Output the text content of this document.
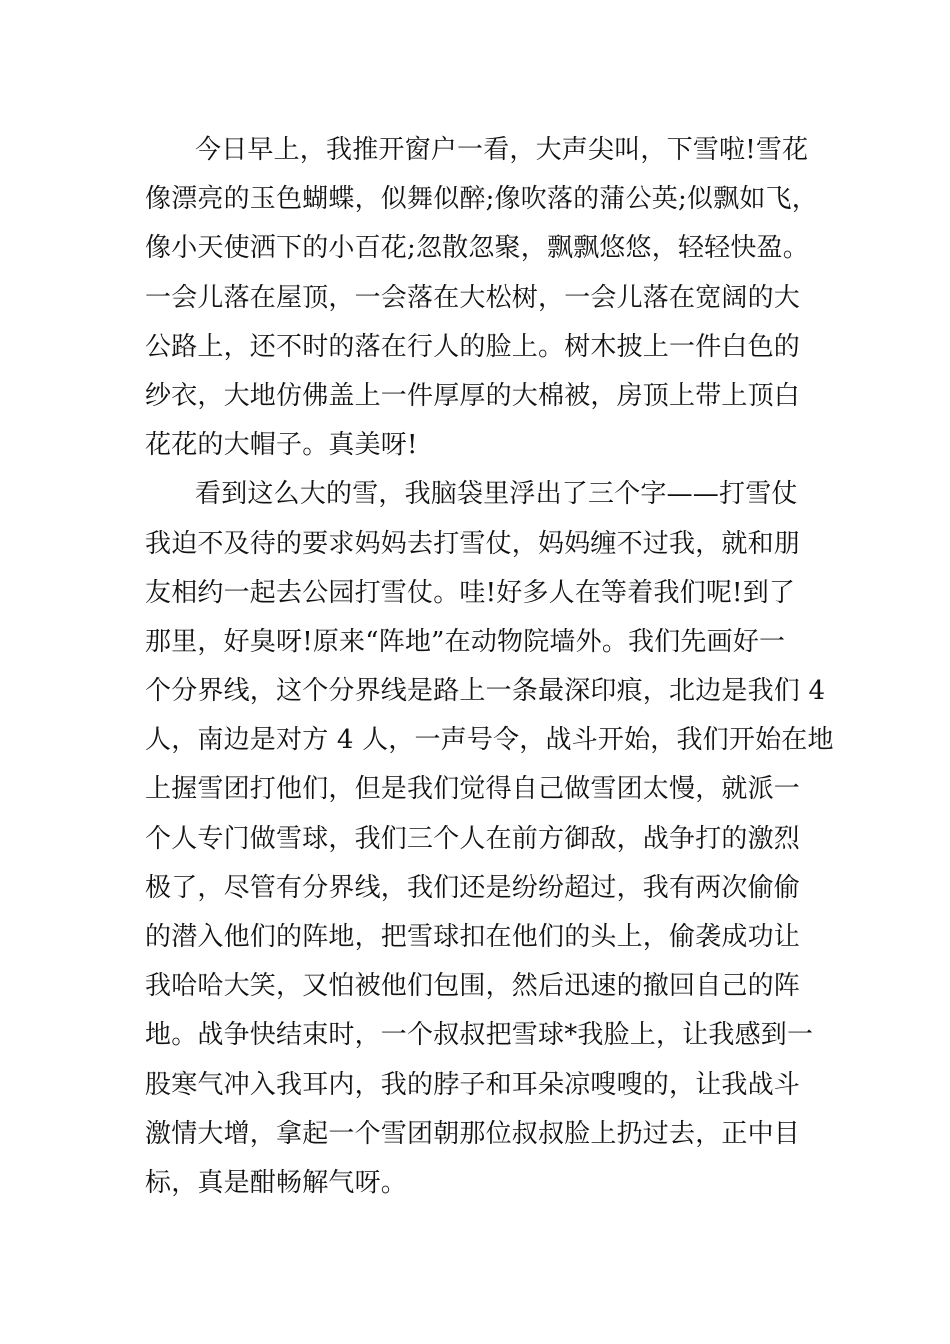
今日早上，我推开窗户一看，大声尖叫，下雪啦!雪花
像漂亮的玉色蝴蝶，似舞似醉;像吹落的蒲公英;似飘如飞，
像小天使洒下的小百花;忽散忽聚，飘飘悠悠，轻轻快盈。
一会儿落在屋顶，一会落在大松树，一会儿落在宽阔的大
公路上，还不时的落在行人的脸上。树木披上一件白色的
纱衣，大地仿佛盖上一件厚厚的大棉被，房顶上带上顶白
花花的大帽子。真美呀!
看到这么大的雪，我脑袋里浮出了三个字——打雪仗
我迫不及待的要求妈妈去打雪仗，妈妈缠不过我，就和朋
友相约一起去公园打雪仗。哇!好多人在等着我们呢!到了
那里，好臭呀!原来“阵地”在动物院墙外。我们先画好一
个分界线，这个分界线是路上一条最深印痕，北边是我们 4
人，南边是对方 4 人，一声号令，战斗开始，我们开始在地
上握雪团打他们，但是我们觉得自己做雪团太慢，就派一
个人专门做雪球，我们三个人在前方御敌，战争打的激烈
极了，尽管有分界线，我们还是纷纷超过，我有两次偷偷
的潜入他们的阵地，把雪球扣在他们的头上，偷袭成功让
我哈哈大笑，又怕被他们包围，然后迅速的撤回自己的阵
地。战争快结束时，一个叔叔把雪球*我脸上，让我感到一
股寒气冲入我耳内，我的脖子和耳朵凉嗖嗖的，让我战斗
激情大增，拿起一个雪团朝那位叔叔脸上扔过去，正中目
标，真是酣畅解气呀。
